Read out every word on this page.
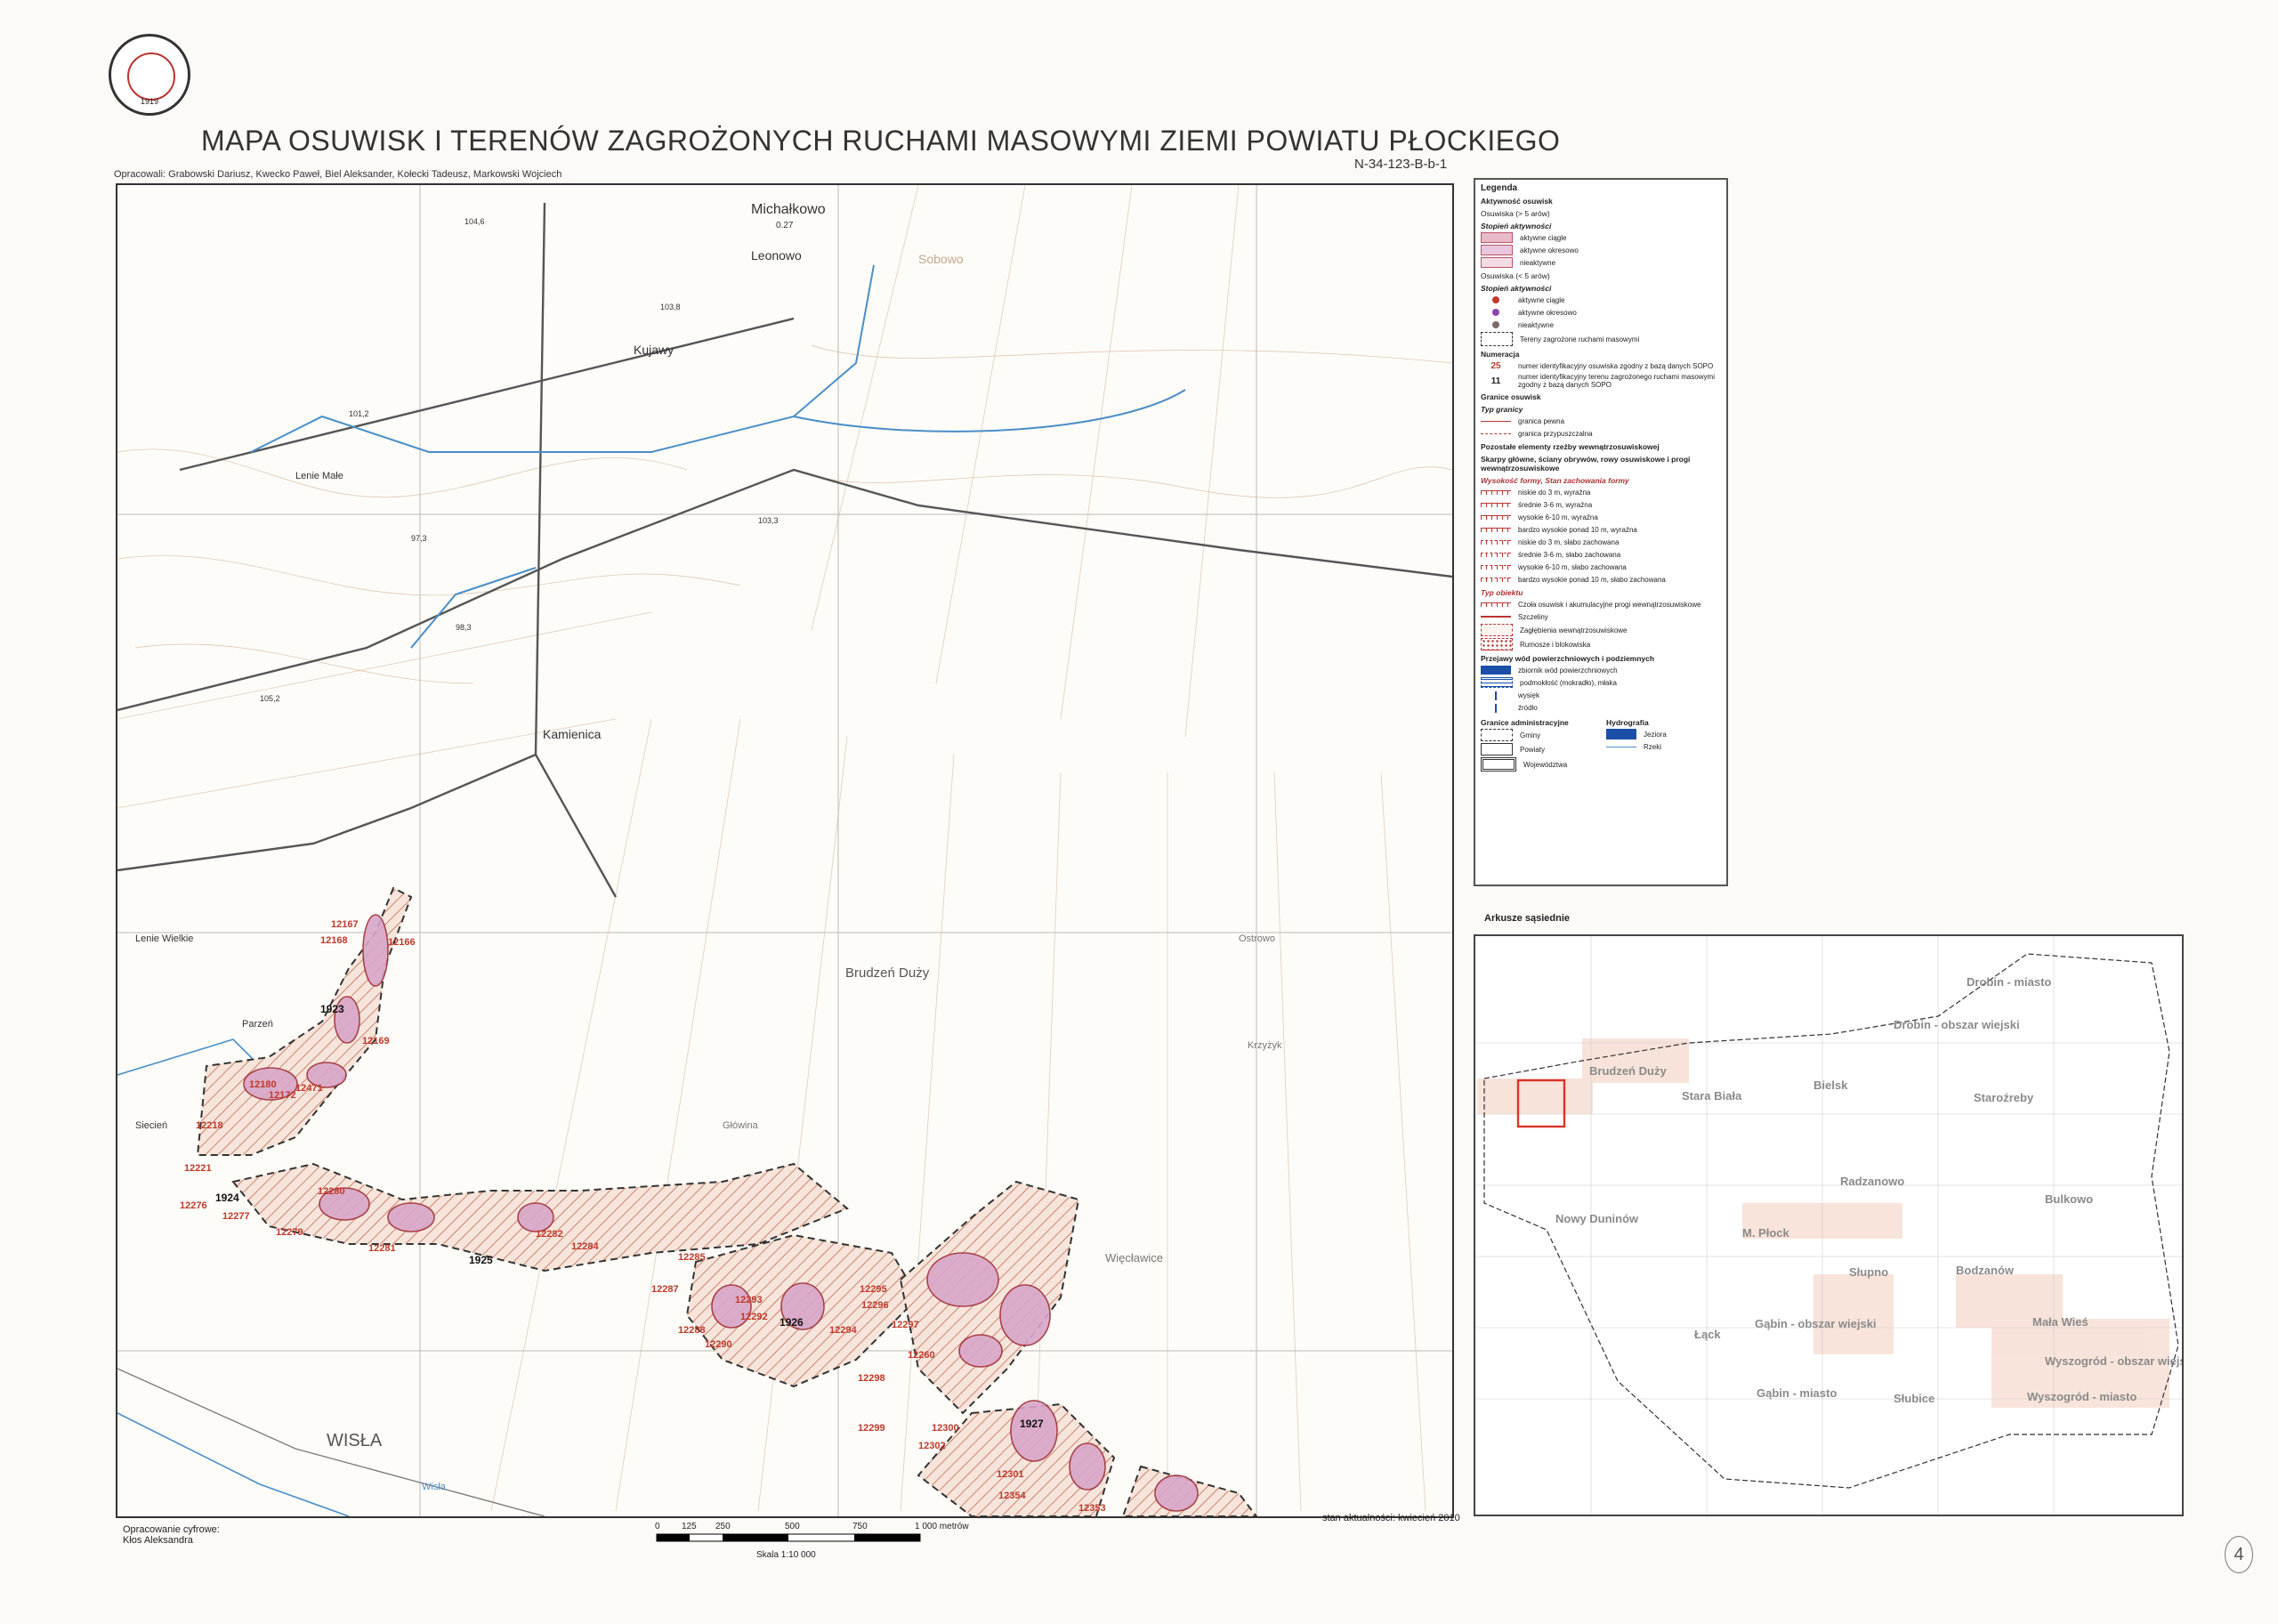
1919
MAPA OSUWISK I TERENÓW ZAGROŻONYCH RUCHAMI MASOWYMI ZIEMI POWIATU PŁOCKIEGO
Opracowali: Grabowski Dariusz, Kwecko Paweł, Biel Aleksander, Kołecki Tadeusz, Markowski Wojciech
N-34-123-B-b-1
Michałkowo
Leonowo	Sobowo
Kujawy
Lenie Małe
Lenie Wielkie
Kamienica
Brudzeń Duży
Więcławice
Główina
Ostrowo
Krzyżyk
Parzeń
Siecień
WISŁA
Wisła
0.27
104,6
103,8
101,2
97,3
98,3
103,3
105,2
12168
12167
12166
12169
12180
12172
12471
12218
12221
12276
12277
12279
12280
12281
12282
12284
12285
12287
12288
12290
12292
12293
12294
12295
12296
12297
12298
12299	12300
12301
12302
12353
12354
12260
1923
1924
1925
1926
1927
Legenda
Aktywność osuwisk
Osuwiska (> 5 arów)
Stopień aktywności
aktywne ciągle
aktywne okresowo
nieaktywne
Osuwiska (< 5 arów)
Stopień aktywności
aktywne ciągle
aktywne okresowo
nieaktywne
Tereny zagrożone ruchami masowymi
Numeracja
25	numer identyfikacyjny osuwiska zgodny z bazą danych SOPO
11	numer identyfikacyjny terenu zagrożonego ruchami masowymi zgodny z bazą danych SOPO
Granice osuwisk
Typ granicy
granica pewna
granica przypuszczalna
Pozostałe elementy rzeźby wewnątrzosuwiskowej
Skarpy główne, ściany obrywów, rowy osuwiskowe i progi wewnątrzosuwiskowe
Wysokość formy, Stan zachowania formy
niskie do 3 m, wyraźna
średnie 3-6 m, wyraźna
wysokie 6-10 m, wyraźna
bardzo wysokie ponad 10 m, wyraźna
niskie do 3 m, słabo zachowana
średnie 3-6 m, słabo zachowana
wysokie 6-10 m, słabo zachowana
bardzo wysokie ponad 10 m, słabo zachowana
Typ obiektu
Czoła osuwisk i akumulacyjne progi wewnątrzosuwiskowe
Szczeliny
Zagłębienia wewnątrzosuwiskowe
Rumosze i blokowiska
Przejawy wód powierzchniowych i podziemnych
zbiornik wód powierzchniowych
podmokłość (mokradło), młaka
wysięk
źródło
Granice administracyjne
Gminy
Powiaty
Województwa
Hydrografia
Jeziora
Rzeki
Arkusze sąsiednie
Drobin - miasto
Drobin - obszar wiejski
Brudzeń Duży
Stara Biała
Bielsk
Staroźreby
Radzanowo
Bulkowo
Nowy Duninów
M. Płock
Bodzanów
Słupno
Mała Wieś
Łąck
Gąbin - obszar wiejski
Wyszogród - obszar wiejski
Gąbin - miasto	Słubice	Wyszogród - miasto
Opracowanie cyfrowe:
Kłos Aleksandra
0 125 250	500	750	1 000 metrów
Skala 1:10 000
stan aktualności: kwiecień 2010
4
